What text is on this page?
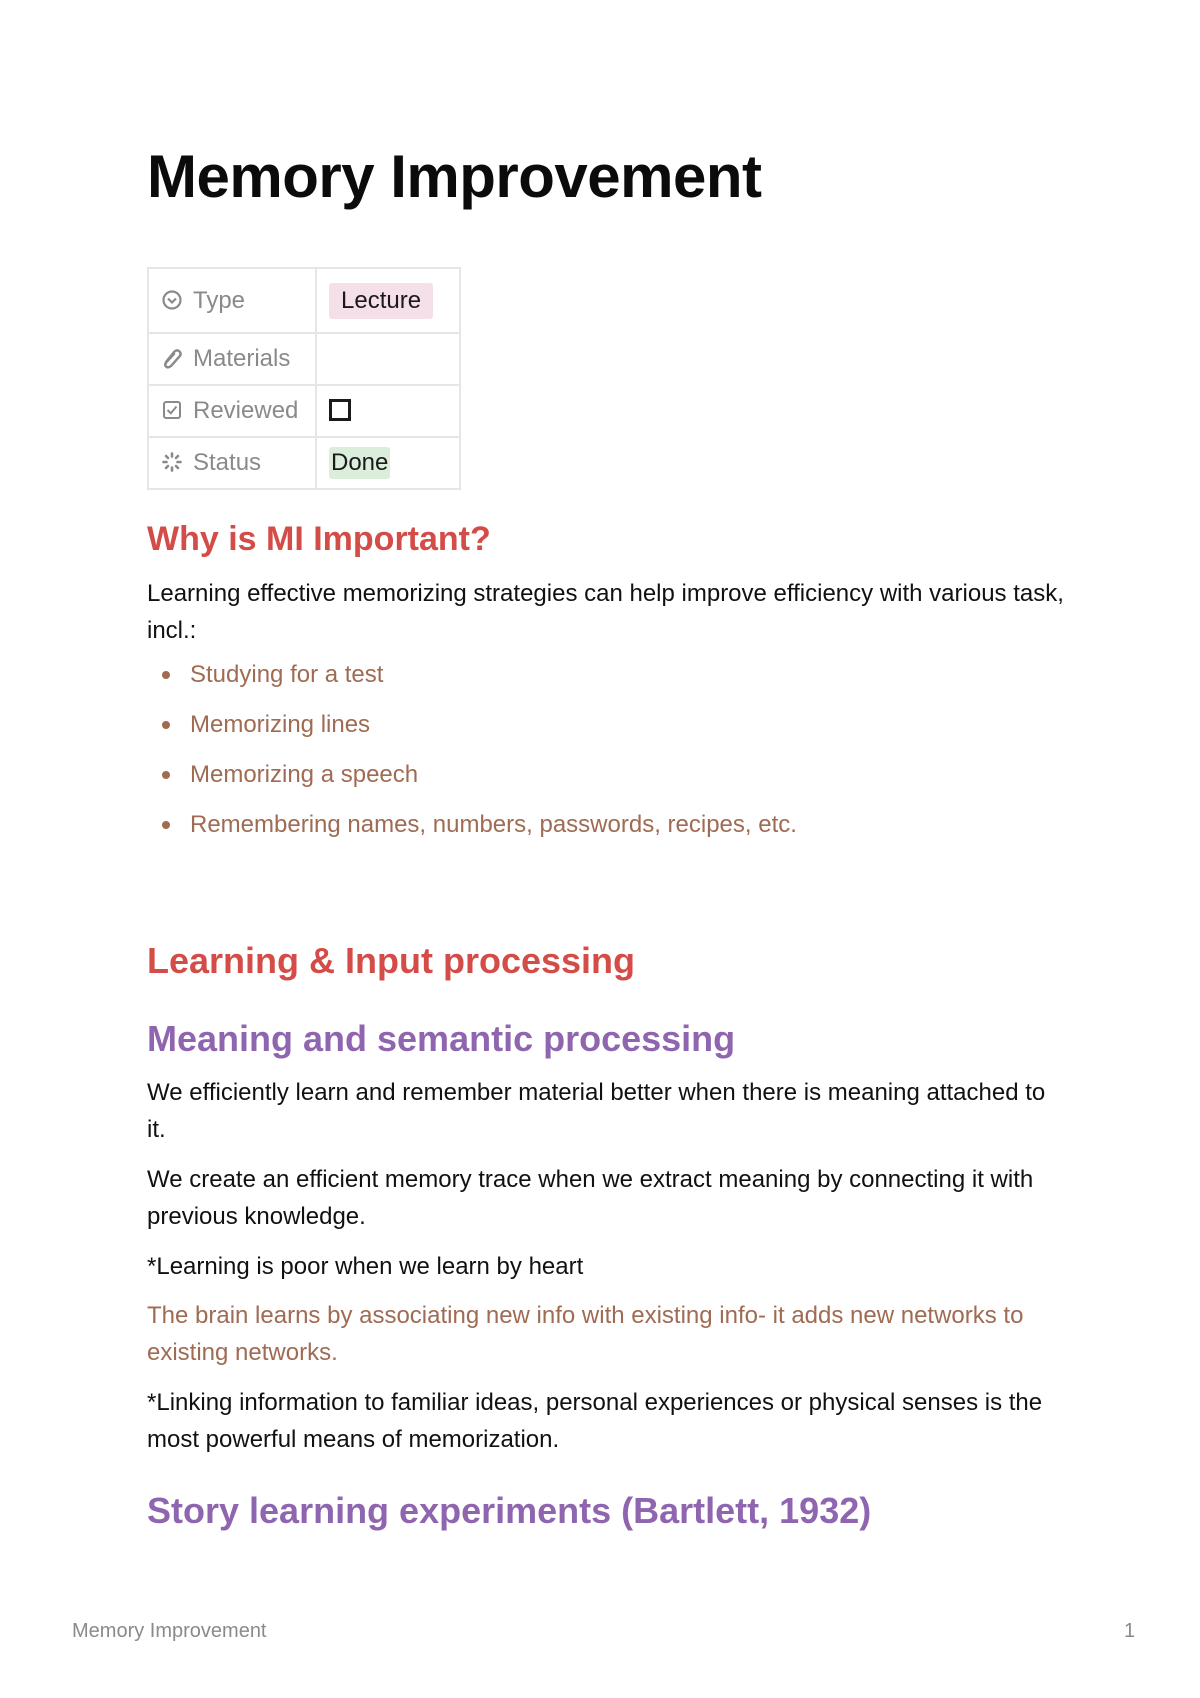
Memory Improvement
Type	Lecture
Materials	
Reviewed	
Status	Done
Why is MI Important?

Learning effective memorizing strategies can help improve efficiency with various task, incl.:

Studying for a test
Memorizing lines
Memorizing a speech
Remembering names, numbers, passwords, recipes, etc.
Learning & Input processing
Meaning and semantic processing

We efficiently learn and remember material better when there is meaning attached to it.

We create an efficient memory trace when we extract meaning by connecting it with previous knowledge.

*Learning is poor when we learn by heart

The brain learns by associating new info with existing info- it adds new networks to existing networks.

*Linking information to familiar ideas, personal experiences or physical senses is the most powerful means of memorization.

Story learning experiments (Bartlett, 1932)
Memory Improvement	1
